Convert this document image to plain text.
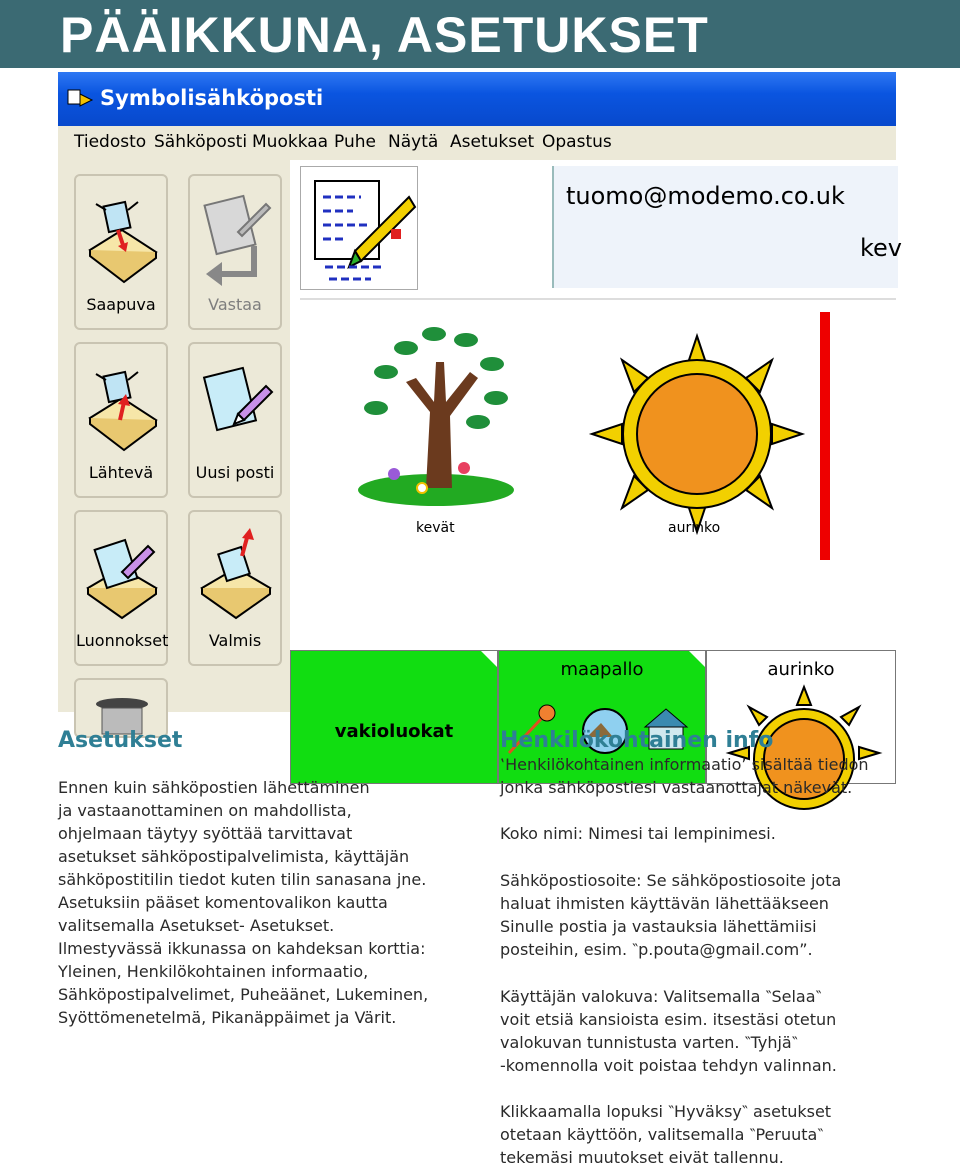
PÄÄIKKUNA, ASETUKSET
Symbolisähköposti
Tiedosto Sähköposti Muokkaa Puhe Näytä Asetukset Opastus
Saapuva	Vastaa
Lähtevä	Uusi posti
Luonnokset	Valmis
tuomo@modemo.co.uk
kev
kevät	aurinko
vakioluokat
maapallo	aurinko
Asetukset
Ennen kuin sähköpostien lähettäminen
ja vastaanottaminen on mahdollista,
ohjelmaan täytyy syöttää tarvittavat
asetukset sähköpostipalvelimista, käyttäjän
sähköpostitilin tiedot kuten tilin sanasana jne.
Asetuksiin pääset komentovalikon kautta
valitsemalla Asetukset- Asetukset.
Ilmestyvässä ikkunassa on kahdeksan korttia:
Yleinen, Henkilökohtainen informaatio,
Sähköpostipalvelimet, Puheäänet, Lukeminen,
Syöttömenetelmä, Pikanäppäimet ja Värit.
Henkilökohtainen info
‛Henkilökohtainen informaatio’ sisältää tiedon
jonka sähköpostiesi vastaanottajat näkevät.
Koko nimi: Nimesi tai lempinimesi.
Sähköpostiosoite: Se sähköpostiosoite jota
haluat ihmisten käyttävän lähettääkseen
Sinulle postia ja vastauksia lähettämiisi
posteihin, esim. ‶p.pouta@gmail.com”.
Käyttäjän valokuva: Valitsemalla ‶Selaa‶
voit etsiä kansioista esim. itsestäsi otetun
valokuvan tunnistusta varten. ‶Tyhjä‶
-komennolla voit poistaa tehdyn valinnan.
Klikkaamalla lopuksi ‶Hyväksy‶ asetukset
otetaan käyttöön, valitsemalla ‶Peruuta‶
tekemäsi muutokset eivät tallennu.
